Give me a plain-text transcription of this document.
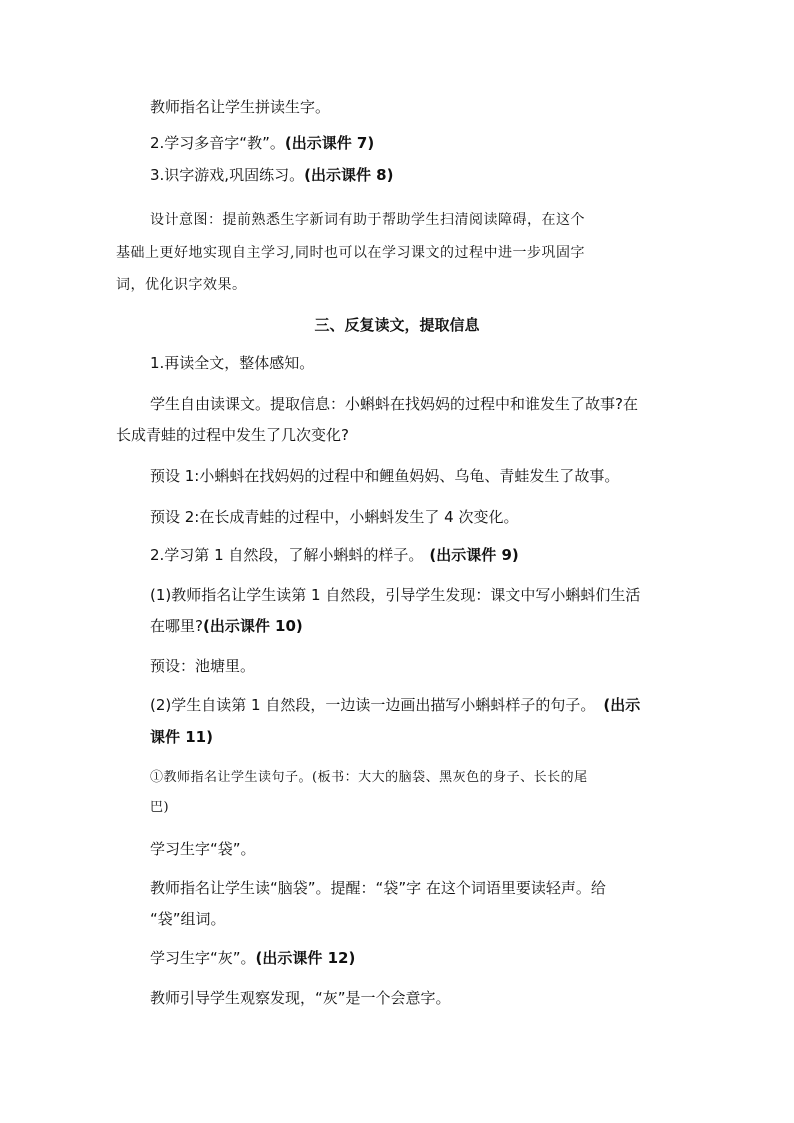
教师指名让学生拼读生字。
2.学习多音字“教”。(出示课件 7)
3.识字游戏,巩固练习。(出示课件 8)
设计意图：提前熟悉生字新词有助于帮助学生扫清阅读障碍，在这个
基础上更好地实现自主学习,同时也可以在学习课文的过程中进一步巩固字
词，优化识字效果。
三、反复读文，提取信息
1.再读全文，整体感知。
学生自由读课文。提取信息：小蝌蚪在找妈妈的过程中和谁发生了故事?在
长成青蛙的过程中发生了几次变化?
预设 1:小蝌蚪在找妈妈的过程中和鲤鱼妈妈、乌龟、青蛙发生了故事。
预设 2:在长成青蛙的过程中，小蝌蚪发生了 4 次变化。
2.学习第 1 自然段，了解小蝌蚪的样子。 (出示课件 9)
(1)教师指名让学生读第 1 自然段，引导学生发现：课文中写小蝌蚪们生活
在哪里?(出示课件 10)
预设：池塘里。
(2)学生自读第 1 自然段，一边读一边画出描写小蝌蚪样子的句子。 (出示
课件 11)
①教师指名让学生读句子。(板书：大大的脑袋、黑灰色的身子、长长的尾
巴)
学习生字“袋”。
教师指名让学生读“脑袋”。提醒：“袋”字 在这个词语里要读轻声。给
“袋”组词。
学习生字“灰”。(出示课件 12)
教师引导学生观察发现，“灰”是一个会意字。
